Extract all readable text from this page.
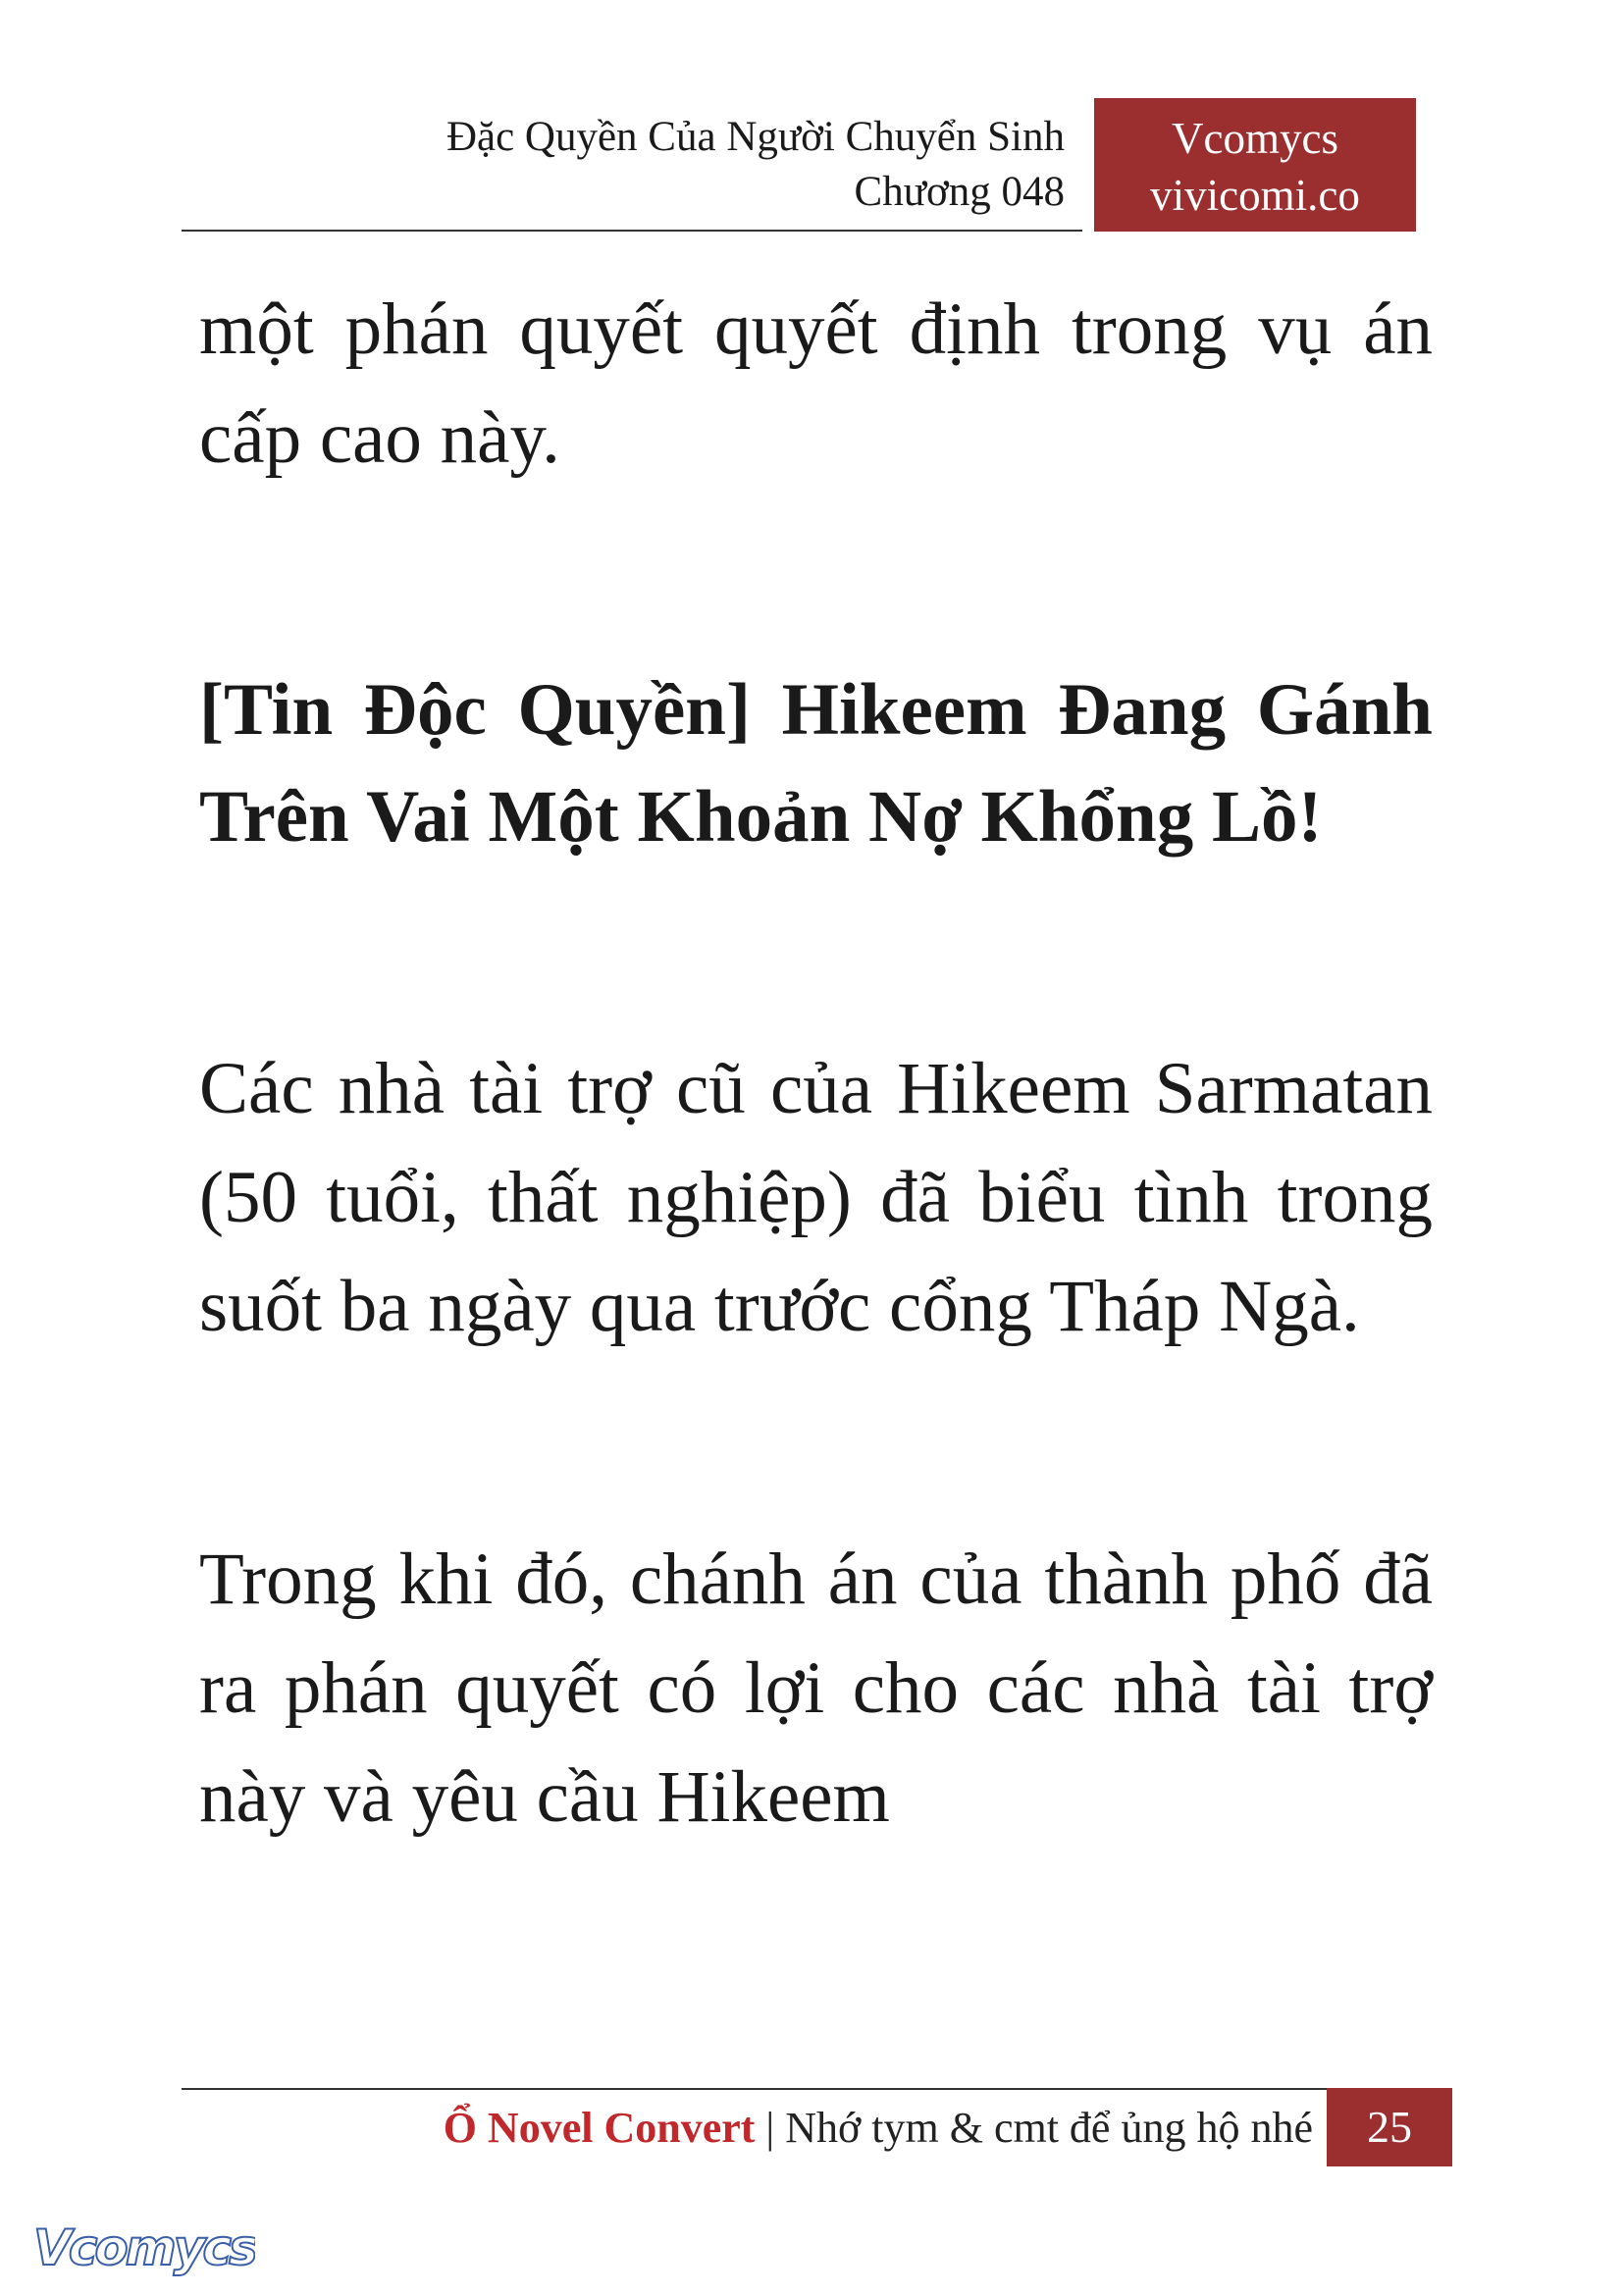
Đặc Quyền Của Người Chuyển Sinh
Chương 048
Vcomycs
vivicomi.co

một phán quyết quyết định trong vụ án cấp cao này.

[Tin Độc Quyền] Hikeem Đang Gánh Trên Vai Một Khoản Nợ Khổng Lồ!

Các nhà tài trợ cũ của Hikeem Sarmatan (50 tuổi, thất nghiệp) đã biểu tình trong suốt ba ngày qua trước cổng Tháp Ngà.

Trong khi đó, chánh án của thành phố đã ra phán quyết có lợi cho các nhà tài trợ này và yêu cầu Hikeem

Ổ Novel Convert | Nhớ tym & cmt để ủng hộ nhé	25
Vcomycs
